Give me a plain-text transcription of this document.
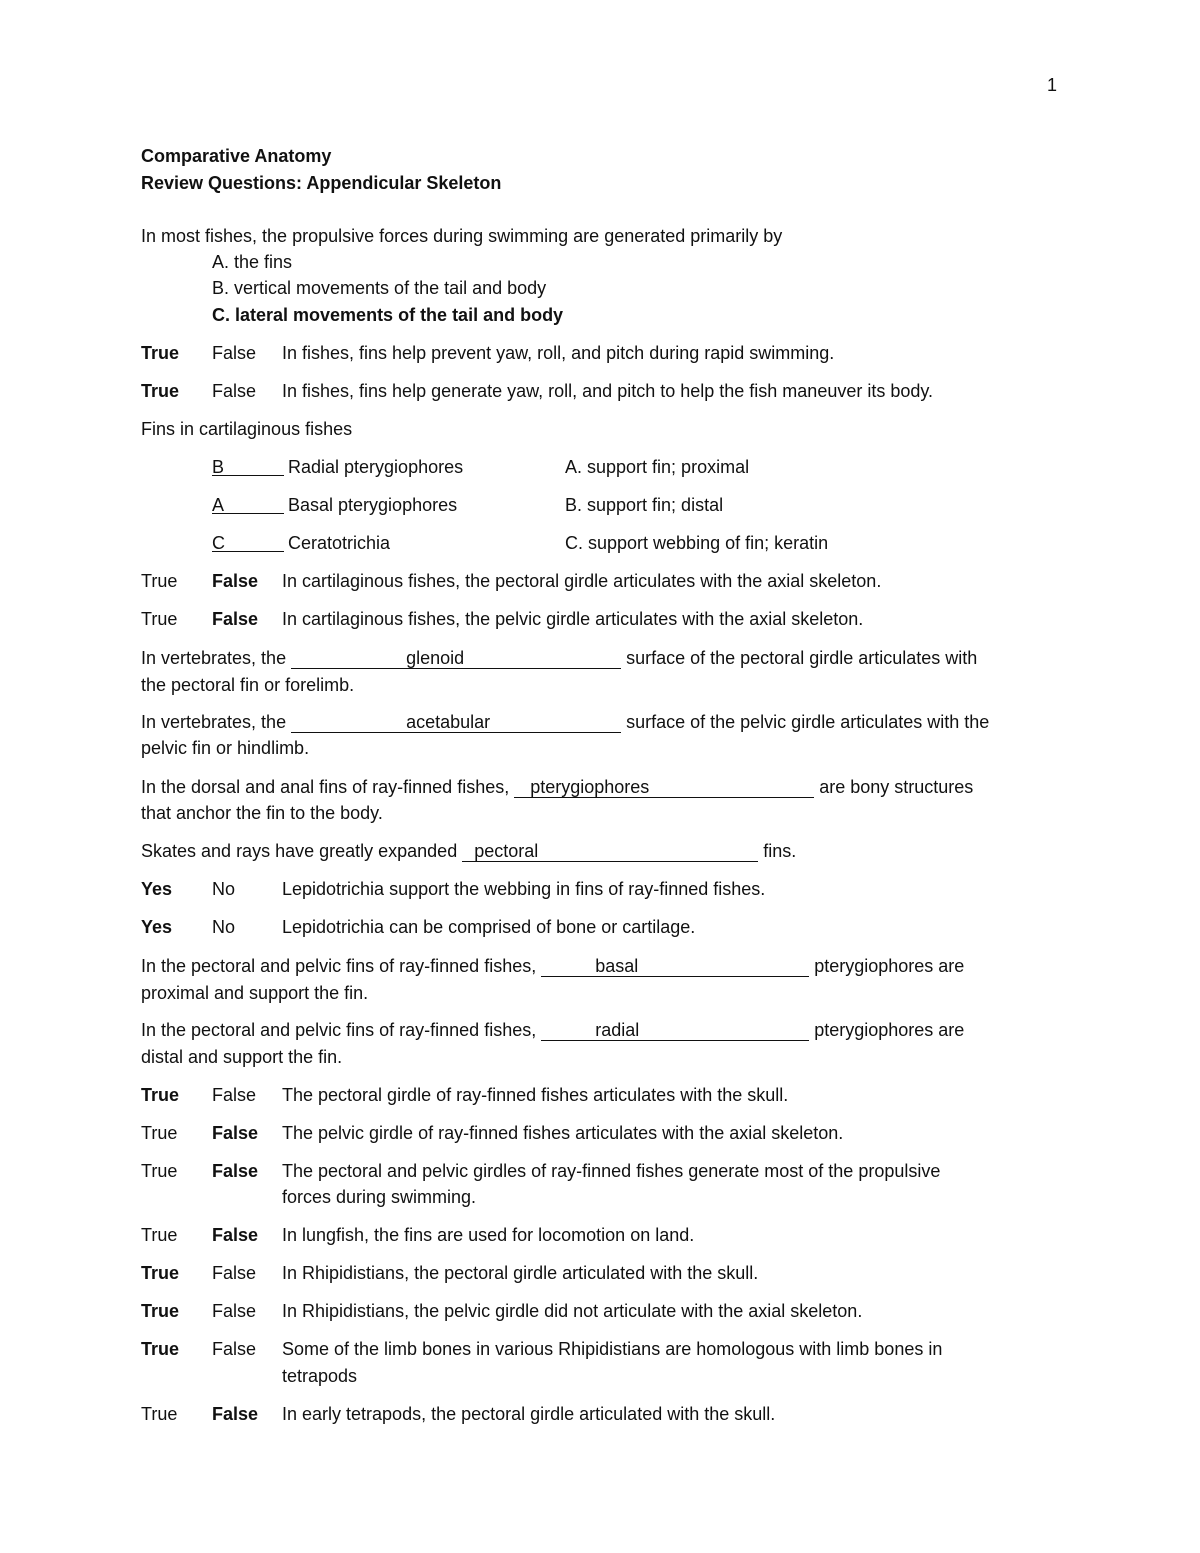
1
Comparative Anatomy
Review Questions: Appendicular Skeleton
In most fishes, the propulsive forces during swimming are generated primarily by
A. the fins
B. vertical movements of the tail and body
C. lateral movements of the tail and body
True False In fishes, fins help prevent yaw, roll, and pitch during rapid swimming.
True False In fishes, fins help generate yaw, roll, and pitch to help the fish maneuver its body.
Fins in cartilaginous fishes
B	Radial pterygiophores	A. support fin; proximal
A	Basal pterygiophores	B. support fin; distal
C	Ceratotrichia	C. support webbing of fin; keratin
True False In cartilaginous fishes, the pectoral girdle articulates with the axial skeleton.
True False In cartilaginous fishes, the pelvic girdle articulates with the axial skeleton.
In vertebrates, the	glenoid	surface of the pectoral girdle articulates with
the pectoral fin or forelimb.
In vertebrates, the	acetabular	surface of the pelvic girdle articulates with the
pelvic fin or hindlimb.
In the dorsal and anal fins of ray-finned fishes, pterygiophores	are bony structures
that anchor the fin to the body.
Skates and rays have greatly expanded pectoral	fins.
Yes No	Lepidotrichia support the webbing in fins of ray-finned fishes.
Yes No	Lepidotrichia can be comprised of bone or cartilage.
In the pectoral and pelvic fins of ray-finned fishes,	basal	pterygiophores are
proximal and support the fin.
In the pectoral and pelvic fins of ray-finned fishes,	radial	pterygiophores are
distal and support the fin.
True False The pectoral girdle of ray-finned fishes articulates with the skull.
True False The pelvic girdle of ray-finned fishes articulates with the axial skeleton.
True False The pectoral and pelvic girdles of ray-finned fishes generate most of the propulsive
forces during swimming.
True False In lungfish, the fins are used for locomotion on land.
True False In Rhipidistians, the pectoral girdle articulated with the skull.
True False In Rhipidistians, the pelvic girdle did not articulate with the axial skeleton.
True False Some of the limb bones in various Rhipidistians are homologous with limb bones in
tetrapods
True False In early tetrapods, the pectoral girdle articulated with the skull.
